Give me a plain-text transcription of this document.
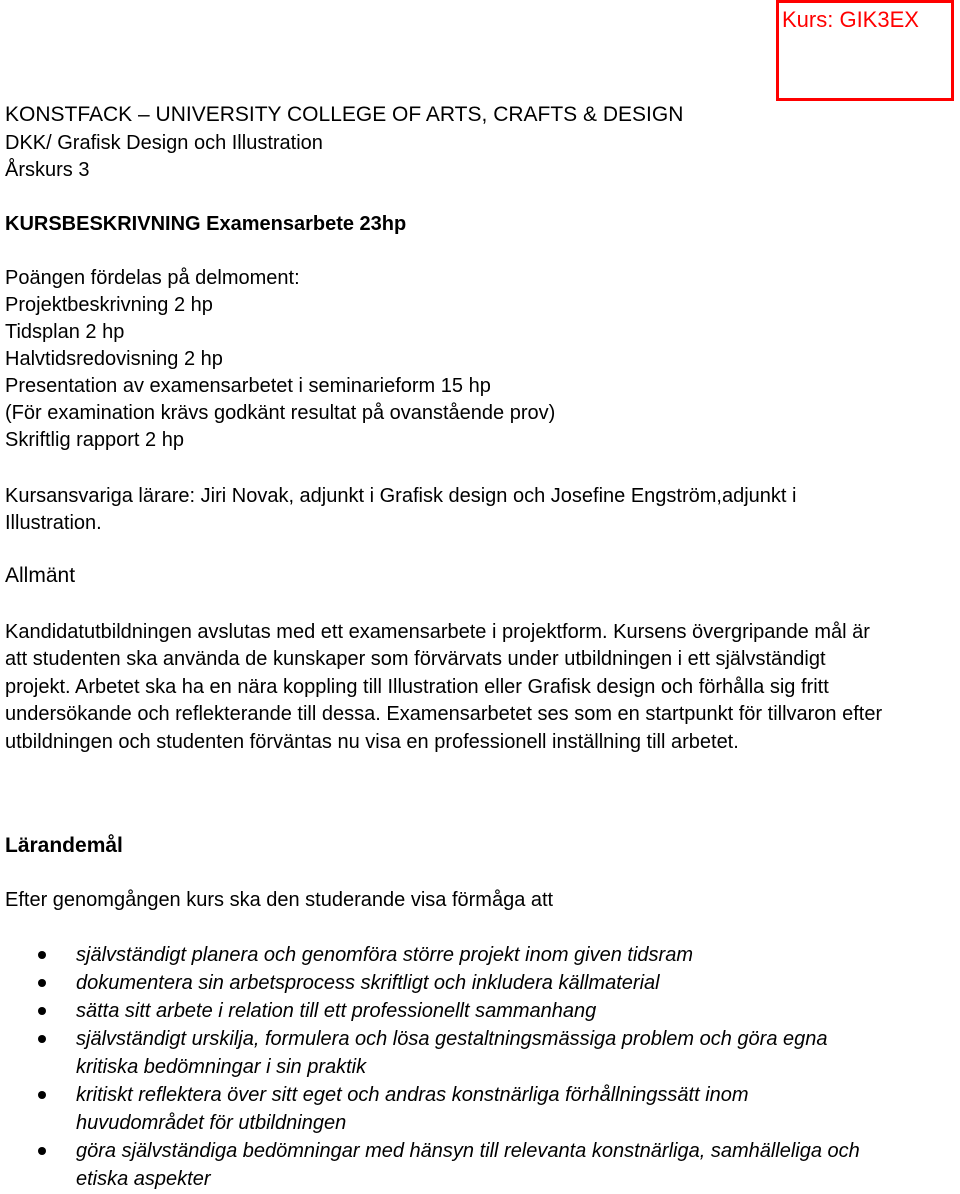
Kurs: GIK3EX
KONSTFACK – UNIVERSITY COLLEGE OF ARTS, CRAFTS & DESIGN
DKK/ Grafisk Design och Illustration
Årskurs 3
KURSBESKRIVNING Examensarbete 23hp
Poängen fördelas på delmoment:
Projektbeskrivning 2 hp
Tidsplan 2 hp
Halvtidsredovisning 2 hp
Presentation av examensarbetet i seminarieform 15 hp
(För examination krävs godkänt resultat på ovanstående prov)
Skriftlig rapport 2 hp
Kursansvariga lärare: Jiri Novak, adjunkt i Grafisk design och Josefine Engström,adjunkt i Illustration.
Allmänt
Kandidatutbildningen avslutas med ett examensarbete i projektform. Kursens övergripande mål är att studenten ska använda de kunskaper som förvärvats under utbildningen i ett självständigt projekt. Arbetet ska ha en nära koppling till Illustration eller Grafisk design och förhålla sig fritt undersökande och reflekterande till dessa. Examensarbetet ses som en startpunkt för tillvaron efter utbildningen och studenten förväntas nu visa en professionell inställning till arbetet.
Lärandemål
Efter genomgången kurs ska den studerande visa förmåga att
självständigt planera och genomföra större projekt inom given tidsram
dokumentera sin arbetsprocess skriftligt och inkludera källmaterial
sätta sitt arbete i relation till ett professionellt sammanhang
självständigt urskilja, formulera och lösa gestaltningsmässiga problem och göra egna kritiska bedömningar i sin praktik
kritiskt reflektera över sitt eget och andras konstnärliga förhållningssätt inom huvudområdet för utbildningen
göra självständiga bedömningar med hänsyn till relevanta konstnärliga, samhälleliga och etiska aspekter
